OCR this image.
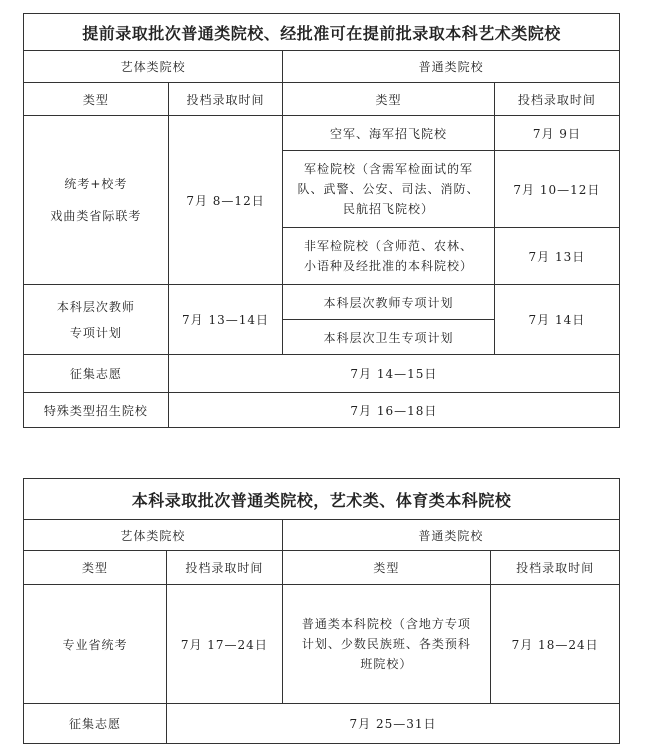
提前录取批次普通类院校、经批准可在提前批录取本科艺术类院校			
艺体类院校		普通类院校	
类型	投档录取时间	类型	投档录取时间

统考+校考
戏曲类省际联考	7月 8—12日	空军、海军招飞院校	7月 9日

		军检院校（含需军检面试的军
队、武警、公安、司法、消防、
民航招飞院校）	7月 10—12日

		非军检院校（含师范、农林、
小语种及经批准的本科院校）	7月 13日

本科层次教师
专项计划	7月 13—14日	本科层次教师专项计划	7月 14日
		本科层次卫生专项计划	
征集志愿	7月 14—15日		
特殊类型招生院校	7月 16—18日		
本科录取批次普通类院校，艺术类、体育类本科院校			
艺体类院校		普通类院校	
类型	投档录取时间	类型	投档录取时间
专业省统考	7月 17—24日	普通类本科院校（含地方专项
计划、少数民族班、各类预科
班院校）	7月 18—24日
征集志愿	7月 25—31日		
